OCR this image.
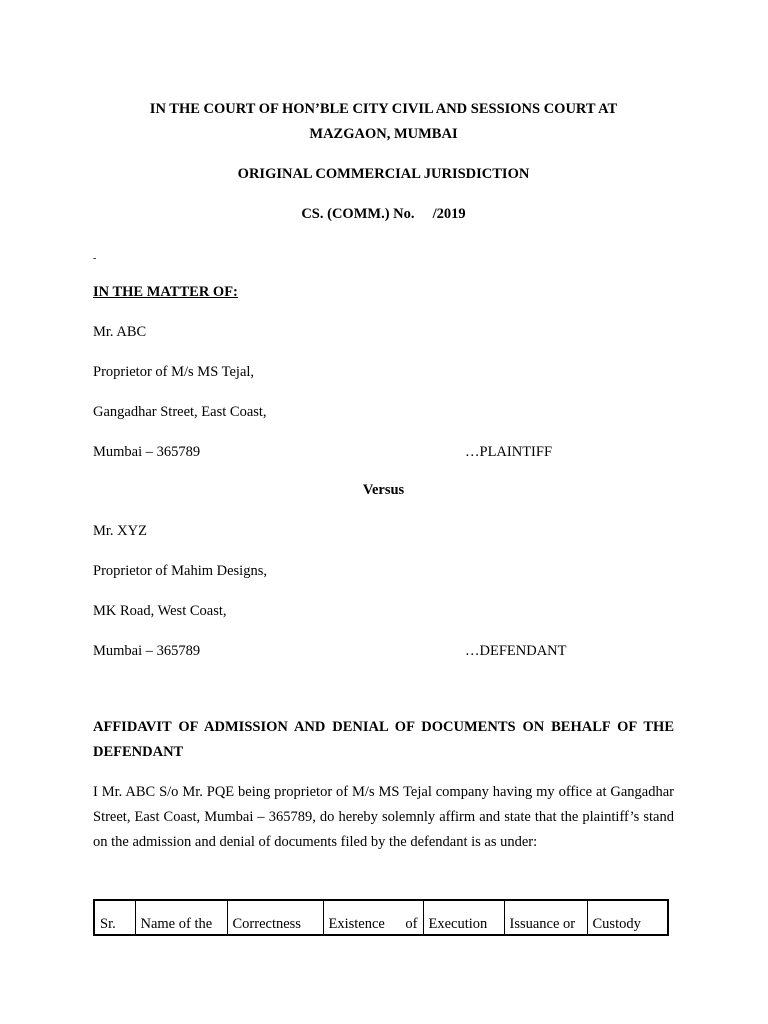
IN THE COURT OF HON’BLE CITY CIVIL AND SESSIONS COURT AT
MAZGAON, MUMBAI
ORIGINAL COMMERCIAL JURISDICTION
CS. (COMM.) No.     /2019
-
IN THE MATTER OF:
Mr. ABC
Proprietor of M/s MS Tejal,
Gangadhar Street, East Coast,
Mumbai – 365789	…PLAINTIFF
Versus
Mr. XYZ
Proprietor of Mahim Designs,
MK Road, West Coast,
Mumbai – 365789	…DEFENDANT
AFFIDAVIT OF ADMISSION AND DENIAL OF DOCUMENTS ON BEHALF OF THE DEFENDANT
I Mr. ABC S/o Mr. PQE being proprietor of M/s MS Tejal company having my office at Gangadhar Street, East Coast, Mumbai – 365789, do hereby solemnly affirm and state that the plaintiff’s stand on the admission and denial of documents filed by the defendant is as under:
Sr.	Name of the	Correctness	Existence of	Execution	Issuance or	Custody
